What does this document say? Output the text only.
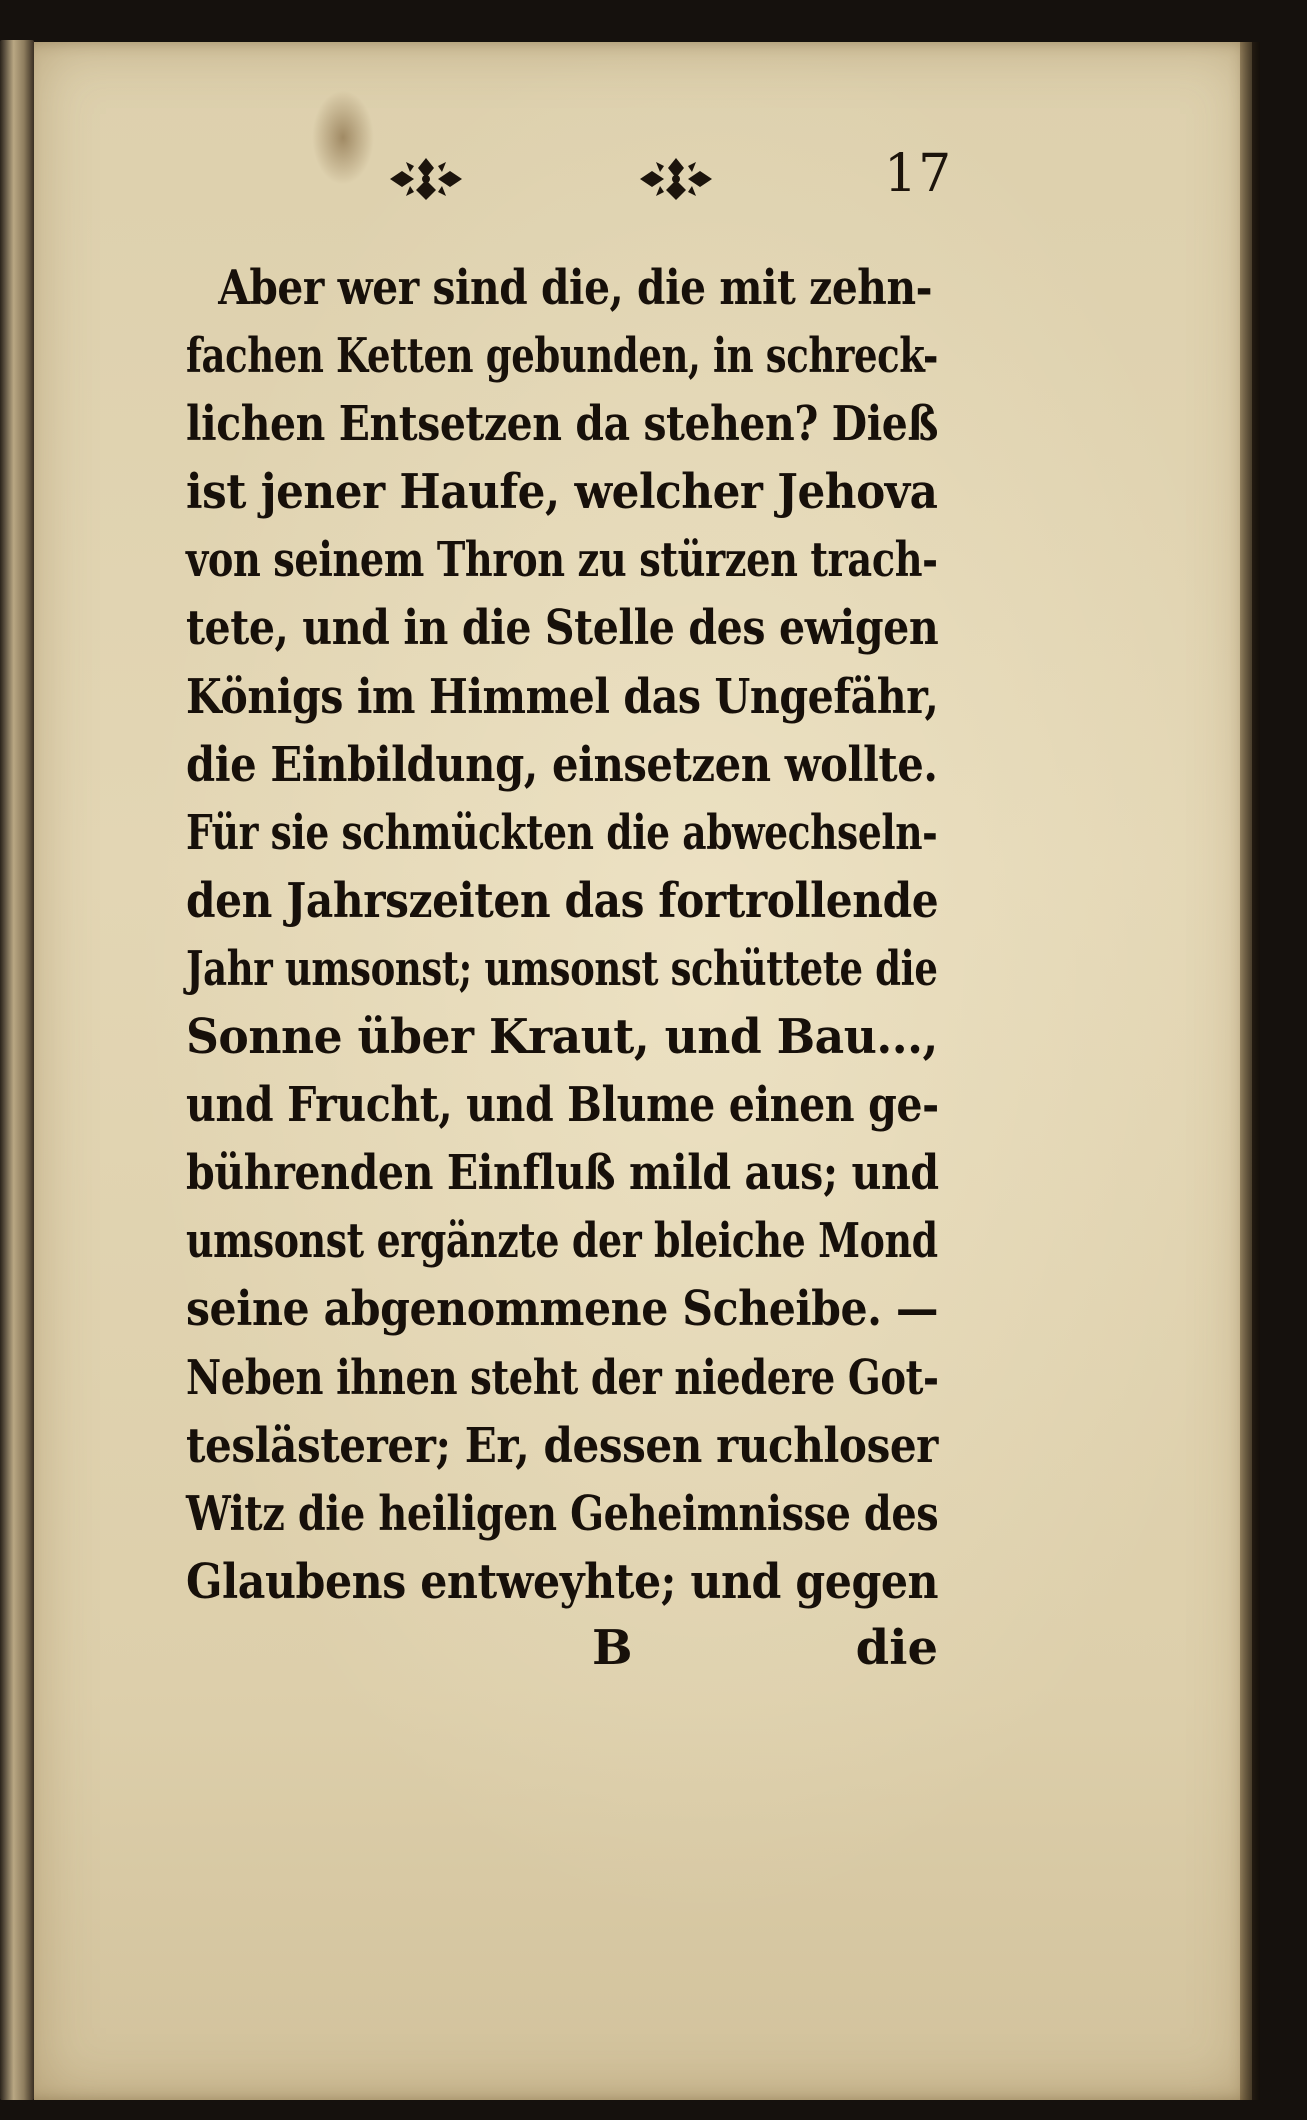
17
Aber wer sind die, die mit zehn-
fachen Ketten gebunden, in schreck-
lichen Entsetzen da stehen? Dieß
ist jener Haufe, welcher Jehova
von seinem Thron zu stürzen trach-
tete, und in die Stelle des ewigen
Königs im Himmel das Ungefähr,
die Einbildung, einsetzen wollte.
Für sie schmückten die abwechseln-
den Jahrszeiten das fortrollende
Jahr umsonst; umsonst schüttete die
Sonne über Kraut, und Bau...,
und Frucht, und Blume einen ge-
bührenden Einfluß mild aus; und
umsonst ergänzte der bleiche Mond
seine abgenommene Scheibe. —
Neben ihnen steht der niedere Got-
teslästerer; Er, dessen ruchloser
Witz die heiligen Geheimnisse des
Glaubens entweyhte; und gegen
B	die
